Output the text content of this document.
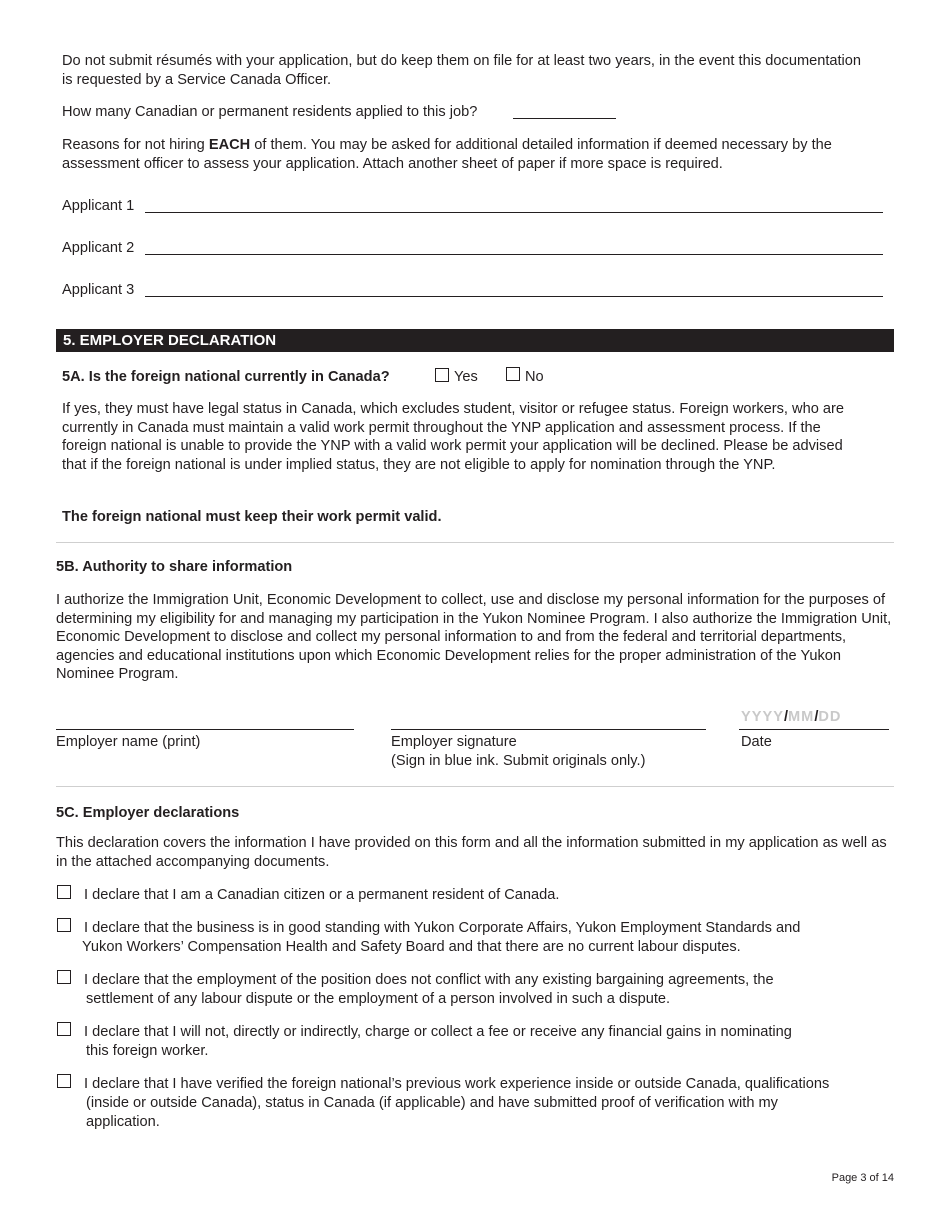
Do not submit résumés with your application, but do keep them on file for at least two years, in the event this documentation is requested by a Service Canada Officer.

How many Canadian or permanent residents applied to this job?

Reasons for not hiring EACH of them. You may be asked for additional detailed information if deemed necessary by the assessment officer to assess your application. Attach another sheet of paper if more space is required.

Applicant 1
Applicant 2
Applicant 3
5. EMPLOYER DECLARATION
5A. Is the foreign national currently in Canada?	Yes	No

If yes, they must have legal status in Canada, which excludes student, visitor or refugee status. Foreign workers, who are currently in Canada must maintain a valid work permit throughout the YNP application and assessment process. If the foreign national is unable to provide the YNP with a valid work permit your application will be declined. Please be advised that if the foreign national is under implied status, they are not eligible to apply for nomination through the YNP.

The foreign national must keep their work permit valid.
5B. Authority to share information

I authorize the Immigration Unit, Economic Development to collect, use and disclose my personal information for the purposes of determining my eligibility for and managing my participation in the Yukon Nominee Program. I also authorize the Immigration Unit, Economic Development to disclose and collect my personal information to and from the federal and territorial departments, agencies and educational institutions upon which Economic Development relies for the proper administration of the Yukon Nominee Program.

Employer name (print)	Employer signature
(Sign in blue ink. Submit originals only.)
YYYY/MM/DD
Date
5C. Employer declarations

This declaration covers the information I have provided on this form and all the information submitted in my application as well as in the attached accompanying documents.

I declare that I am a Canadian citizen or a permanent resident of Canada.
I declare that the business is in good standing with Yukon Corporate Affairs, Yukon Employment Standards and
Yukon Workers’ Compensation Health and Safety Board and that there are no current labour disputes.
I declare that the employment of the position does not conflict with any existing bargaining agreements, the
settlement of any labour dispute or the employment of a person involved in such a dispute.
I declare that I will not, directly or indirectly, charge or collect a fee or receive any financial gains in nominating
this foreign worker.
I declare that I have verified the foreign national’s previous work experience inside or outside Canada, qualifications
(inside or outside Canada), status in Canada (if applicable) and have submitted proof of verification with my
application.
Page 3 of 14
